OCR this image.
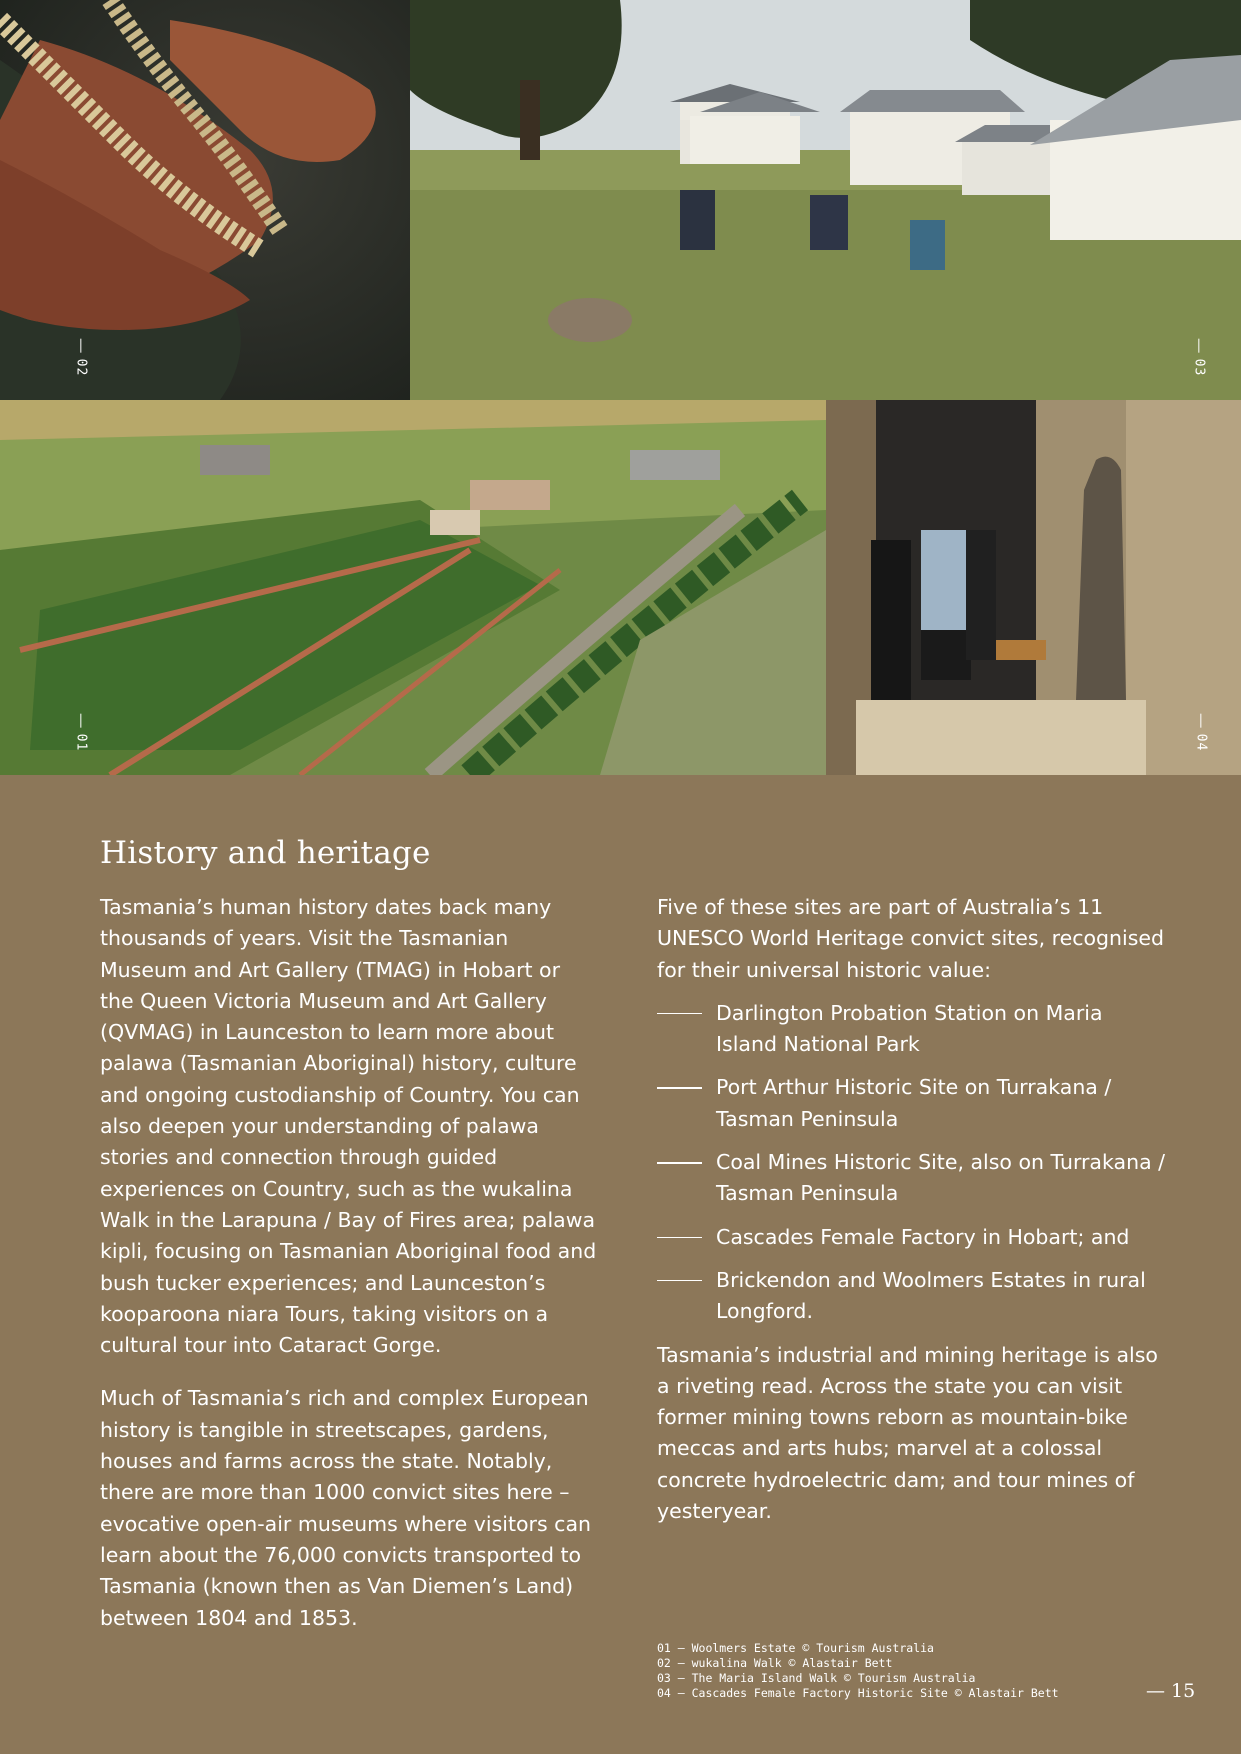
02	03
01	04
History and heritage

Tasmania’s human history dates back many thousands of years. Visit the Tasmanian Museum and Art Gallery (TMAG) in Hobart or the Queen Victoria Museum and Art Gallery (QVMAG) in Launceston to learn more about palawa (Tasmanian Aboriginal) history, culture and ongoing custodianship of Country. You can also deepen your understanding of palawa stories and connection through guided experiences on Country, such as the wukalina Walk in the Larapuna / Bay of Fires area; palawa kipli, focusing on Tasmanian Aboriginal food and bush tucker experiences; and Launceston’s kooparoona niara Tours, taking visitors on a cultural tour into Cataract Gorge.

Much of Tasmania’s rich and complex European history is tangible in streetscapes, gardens, houses and farms across the state. Notably, there are more than 1000 convict sites here – evocative open-air museums where visitors can learn about the 76,000 convicts transported to Tasmania (known then as Van Diemen’s Land) between 1804 and 1853.

Five of these sites are part of Australia’s 11 UNESCO World Heritage convict sites, recognised for their universal historic value:

Darlington Probation Station on Maria Island National Park
Port Arthur Historic Site on Turrakana / Tasman Peninsula
Coal Mines Historic Site, also on Turrakana / Tasman Peninsula
Cascades Female Factory in Hobart; and
Brickendon and Woolmers Estates in rural Longford.

Tasmania’s industrial and mining heritage is also a riveting read. Across the state you can visit former mining towns reborn as mountain-bike meccas and arts hubs; marvel at a colossal concrete hydroelectric dam; and tour mines of yesteryear.

01 — Woolmers Estate © Tourism Australia
02 — wukalina Walk © Alastair Bett
03 — The Maria Island Walk © Tourism Australia
04 — Cascades Female Factory Historic Site © Alastair Bett	— 15
